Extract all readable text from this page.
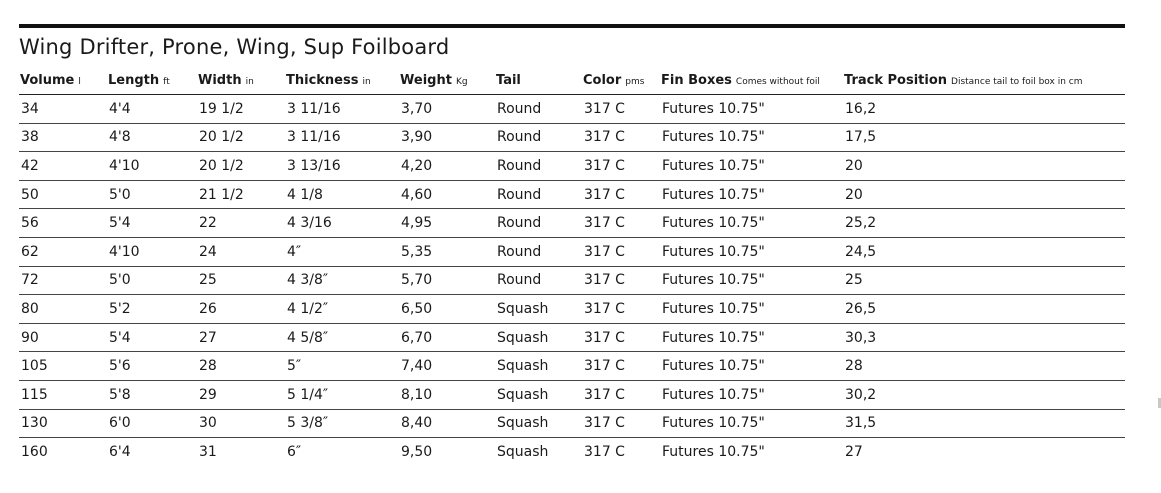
Wing Drifter, Prone, Wing, Sup Foilboard
Volume l	Length ft	Width in	Thickness in	Weight Kg	Tail	Color pms	Fin Boxes Comes without foil	Track Position Distance tail to foil box in cm
34	4'4	19 1/2	3 11/16	3,70	Round	317 C	Futures 10.75"	16,2
38	4'8	20 1/2	3 11/16	3,90	Round	317 C	Futures 10.75"	17,5
42	4'10	20 1/2	3 13/16	4,20	Round	317 C	Futures 10.75"	20
50	5'0	21 1/2	4 1/8	4,60	Round	317 C	Futures 10.75"	20
56	5'4	22	4 3/16	4,95	Round	317 C	Futures 10.75"	25,2
62	4'10	24	4″	5,35	Round	317 C	Futures 10.75"	24,5
72	5'0	25	4 3/8″	5,70	Round	317 C	Futures 10.75"	25
80	5'2	26	4 1/2″	6,50	Squash	317 C	Futures 10.75"	26,5
90	5'4	27	4 5/8″	6,70	Squash	317 C	Futures 10.75"	30,3
105	5'6	28	5″	7,40	Squash	317 C	Futures 10.75"	28
115	5'8	29	5 1/4″	8,10	Squash	317 C	Futures 10.75"	30,2
130	6'0	30	5 3/8″	8,40	Squash	317 C	Futures 10.75"	31,5
160	6'4	31	6″	9,50	Squash	317 C	Futures 10.75"	27
